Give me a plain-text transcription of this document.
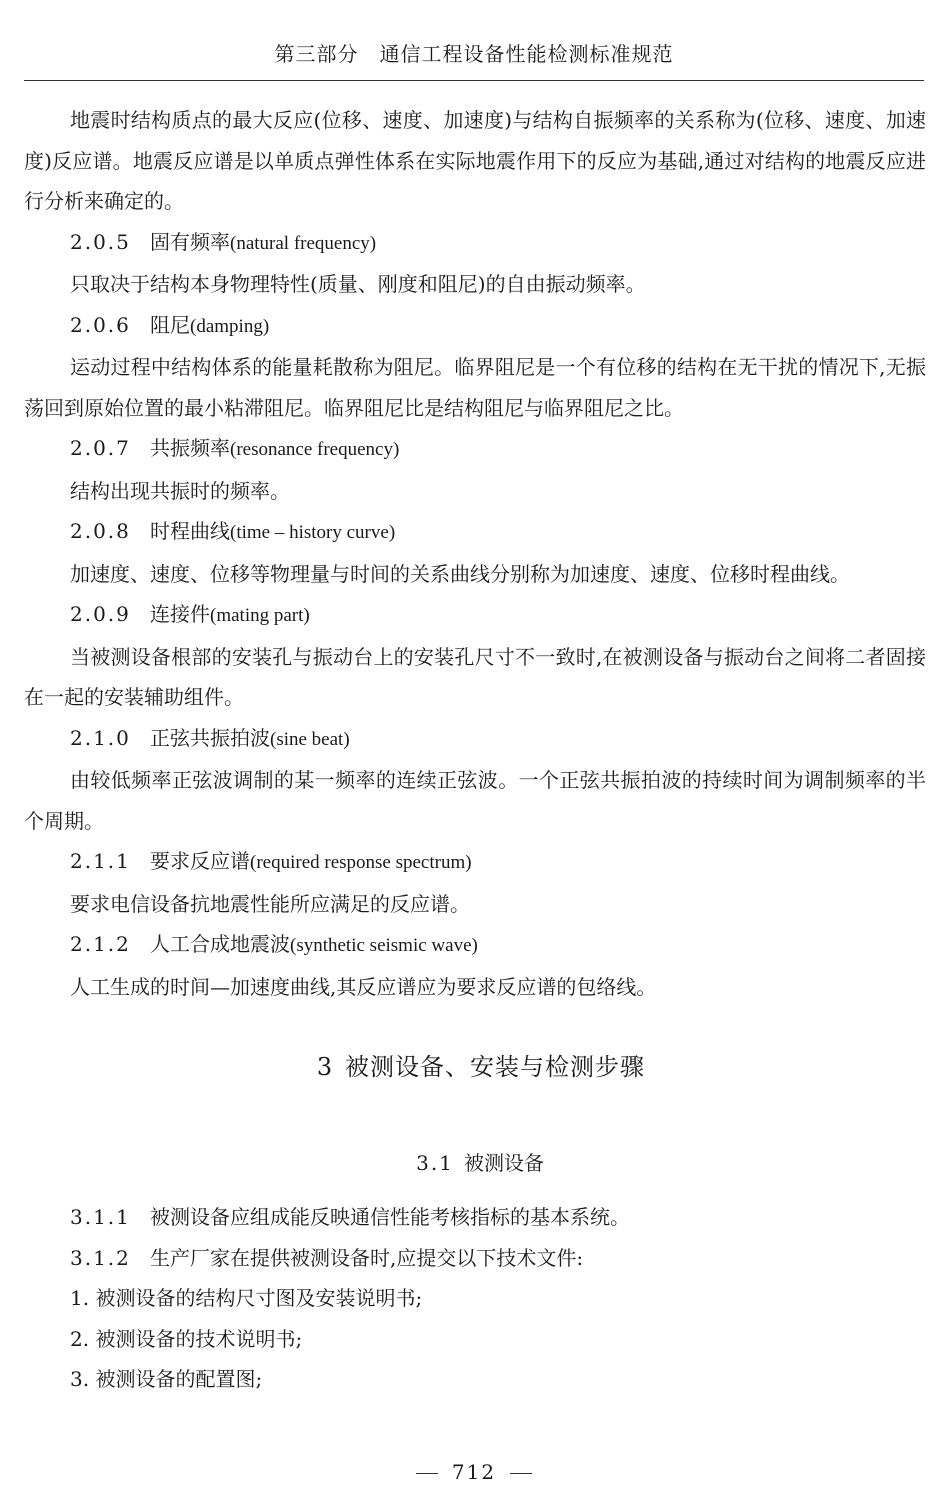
第三部分　通信工程设备性能检测标准规范

地震时结构质点的最大反应(位移、速度、加速度)与结构自振频率的关系称为(位移、速度、加速度)反应谱。地震反应谱是以单质点弹性体系在实际地震作用下的反应为基础,通过对结构的地震反应进行分析来确定的。

2.0.5 固有频率(natural frequency)

只取决于结构本身物理特性(质量、刚度和阻尼)的自由振动频率。

2.0.6 阻尼(damping)

运动过程中结构体系的能量耗散称为阻尼。临界阻尼是一个有位移的结构在无干扰的情况下,无振荡回到原始位置的最小粘滞阻尼。临界阻尼比是结构阻尼与临界阻尼之比。

2.0.7 共振频率(resonance frequency)

结构出现共振时的频率。

2.0.8 时程曲线(time – history curve)

加速度、速度、位移等物理量与时间的关系曲线分别称为加速度、速度、位移时程曲线。

2.0.9 连接件(mating part)

当被测设备根部的安装孔与振动台上的安装孔尺寸不一致时,在被测设备与振动台之间将二者固接在一起的安装辅助组件。

2.1.0 正弦共振拍波(sine beat)

由较低频率正弦波调制的某一频率的连续正弦波。一个正弦共振拍波的持续时间为调制频率的半个周期。

2.1.1 要求反应谱(required response spectrum)

要求电信设备抗地震性能所应满足的反应谱。

2.1.2 人工合成地震波(synthetic seismic wave)

人工生成的时间—加速度曲线,其反应谱应为要求反应谱的包络线。

3 被测设备、安装与检测步骤
3.1 被测设备

3.1.1 被测设备应组成能反映通信性能考核指标的基本系统。

3.1.2 生产厂家在提供被测设备时,应提交以下技术文件:

1. 被测设备的结构尺寸图及安装说明书;

2. 被测设备的技术说明书;

3. 被测设备的配置图;

712
